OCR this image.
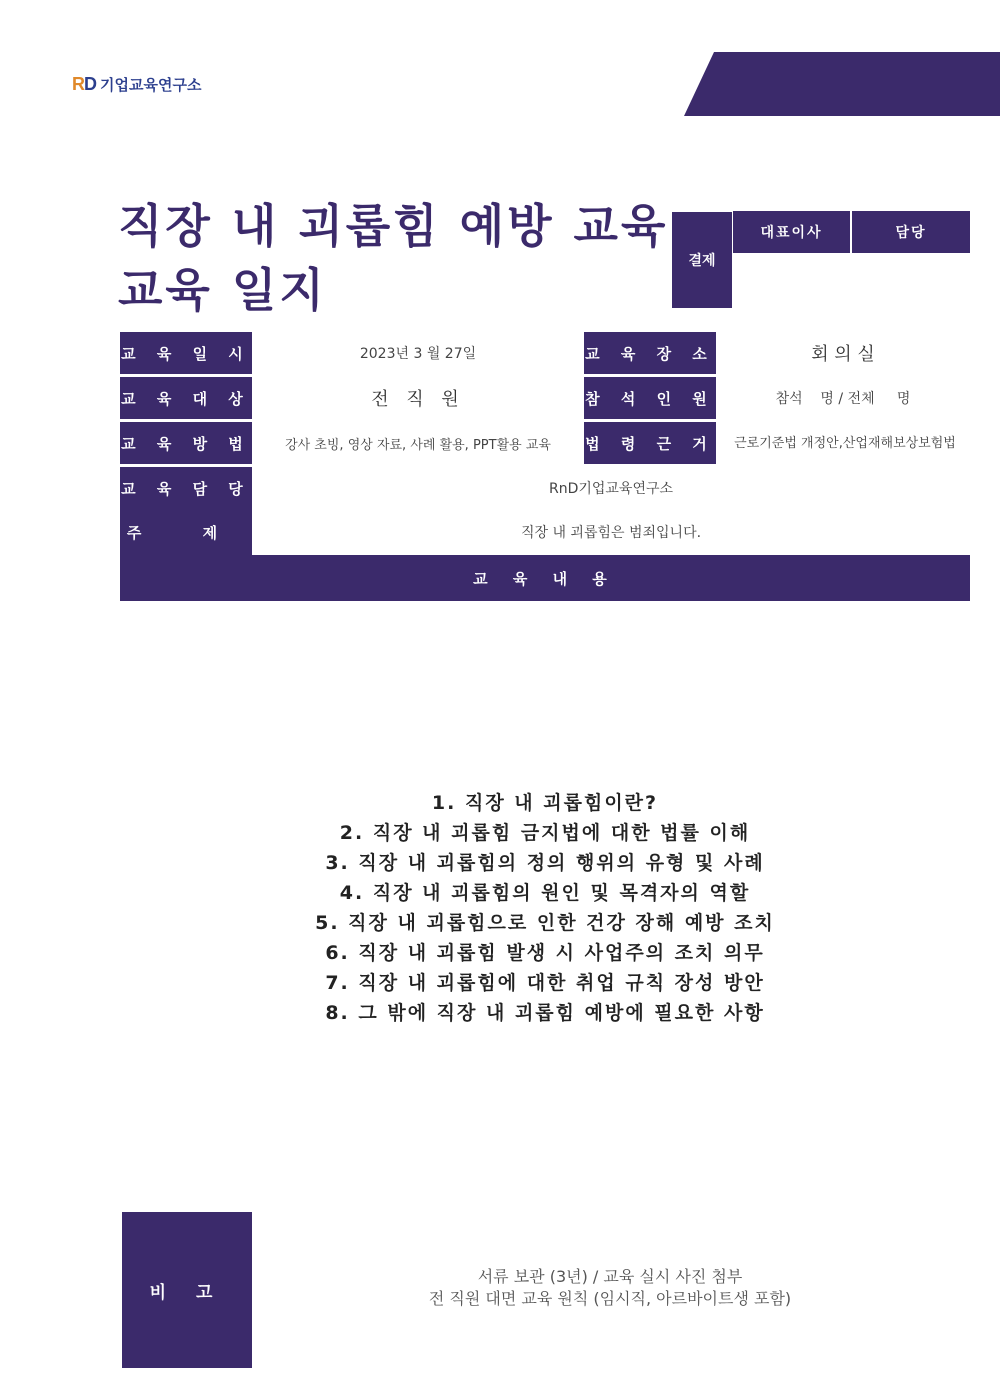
RD 기업교육연구소
직장 내 괴롭힘 예방 교육
교육 일지
결제
대표이사	담당
교 육 일 시	2023년 3 월 27일	교 육 장 소	회 의 실
교 육 대 상	전 직 원	참 석 인 원	참석    명 / 전체     명
교 육 방 법	강사 초빙, 영상 자료, 사례 활용, PPT활용 교육	법 령 근 거	근로기준법 개정안,산업재해보상보험법
교 육 담 당	RnD기업교육연구소
주 제	직장 내 괴롭힘은 범죄입니다.
교 육 내 용
1. 직장 내 괴롭힘이란?
2. 직장 내 괴롭힘 금지법에 대한 법률 이해
3. 직장 내 괴롭힘의 정의 행위의 유형 및 사례
4. 직장 내 괴롭힘의 원인 및 목격자의 역할
5. 직장 내 괴롭힘으로 인한 건강 장해 예방 조치
6. 직장 내 괴롭힘 발생 시 사업주의 조치 의무
7. 직장 내 괴롭힘에 대한 취업 규칙 장성 방안
8. 그 밖에 직장 내 괴롭힘 예방에 필요한 사항
비 고
서류 보관 (3년) / 교육 실시 사진 첨부
전 직원 대면 교육 원칙 (임시직, 아르바이트생 포함)
